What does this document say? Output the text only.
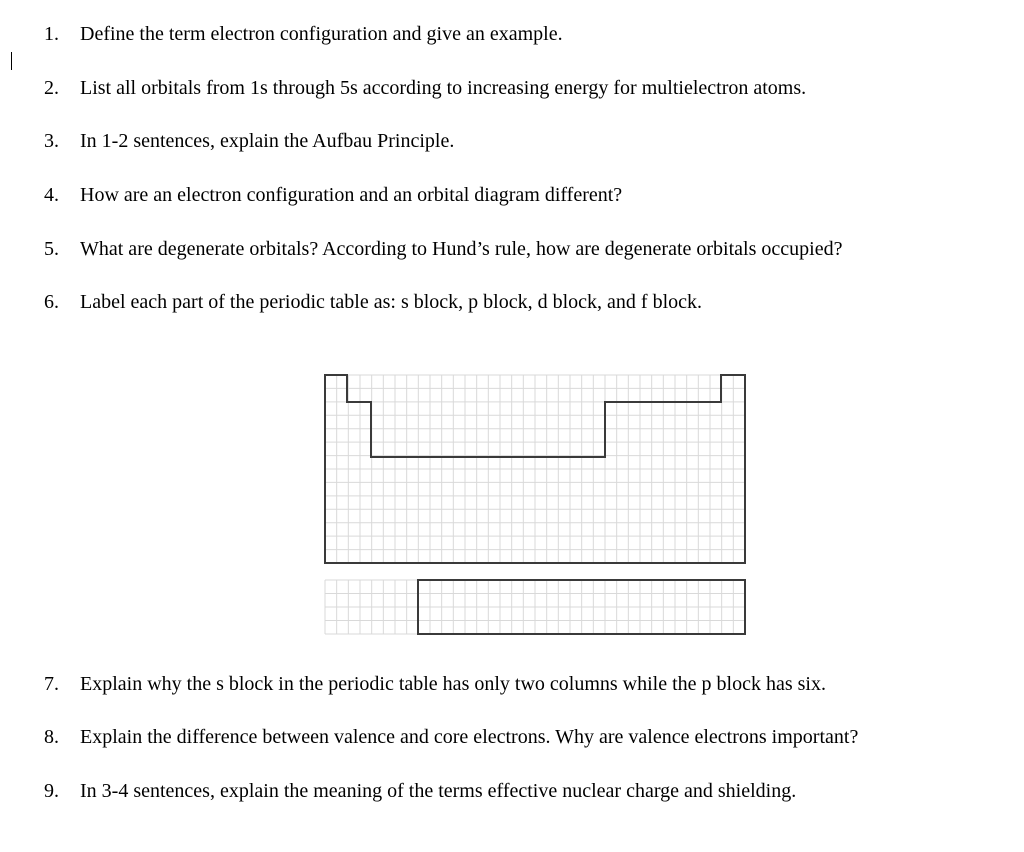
1.	Define the term electron configuration and give an example.
2.	List all orbitals from 1s through 5s according to increasing energy for multielectron atoms.
3.	In 1-2 sentences, explain the Aufbau Principle.
4.	How are an electron configuration and an orbital diagram different?
5.	What are degenerate orbitals? According to Hund’s rule, how are degenerate orbitals occupied?
6.	Label each part of the periodic table as: s block, p block, d block, and f block.
7.	Explain why the s block in the periodic table has only two columns while the p block has six.
8.	Explain the difference between valence and core electrons. Why are valence electrons important?
9.	In 3-4 sentences, explain the meaning of the terms effective nuclear charge and shielding.
